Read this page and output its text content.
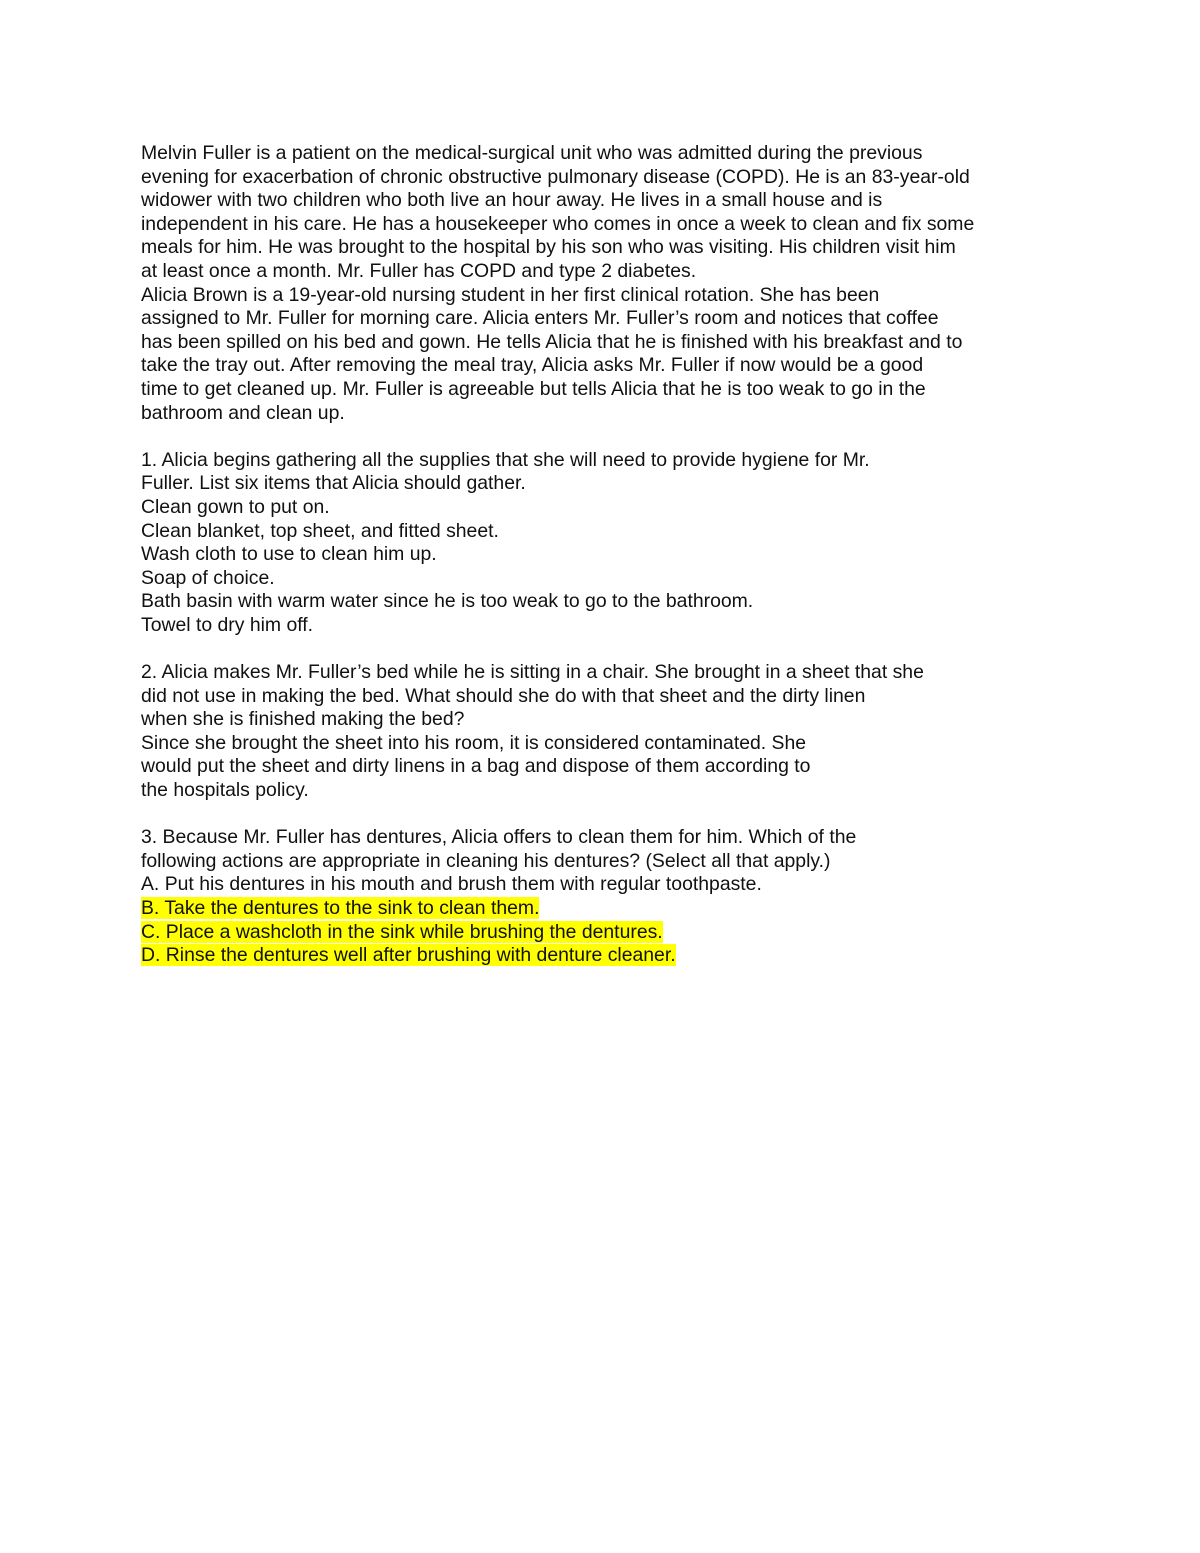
Melvin Fuller is a patient on the medical-surgical unit who was admitted during the previous
evening for exacerbation of chronic obstructive pulmonary disease (COPD). He is an 83-year-old
widower with two children who both live an hour away. He lives in a small house and is
independent in his care. He has a housekeeper who comes in once a week to clean and fix some
meals for him. He was brought to the hospital by his son who was visiting. His children visit him
at least once a month. Mr. Fuller has COPD and type 2 diabetes.
Alicia Brown is a 19-year-old nursing student in her first clinical rotation. She has been
assigned to Mr. Fuller for morning care. Alicia enters Mr. Fuller’s room and notices that coffee
has been spilled on his bed and gown. He tells Alicia that he is finished with his breakfast and to
take the tray out. After removing the meal tray, Alicia asks Mr. Fuller if now would be a good
time to get cleaned up. Mr. Fuller is agreeable but tells Alicia that he is too weak to go in the
bathroom and clean up.
1. Alicia begins gathering all the supplies that she will need to provide hygiene for Mr.
Fuller. List six items that Alicia should gather.
Clean gown to put on.
Clean blanket, top sheet, and fitted sheet.
Wash cloth to use to clean him up.
Soap of choice.
Bath basin with warm water since he is too weak to go to the bathroom.
Towel to dry him off.
2. Alicia makes Mr. Fuller’s bed while he is sitting in a chair. She brought in a sheet that she
did not use in making the bed. What should she do with that sheet and the dirty linen
when she is finished making the bed?
Since she brought the sheet into his room, it is considered contaminated. She
would put the sheet and dirty linens in a bag and dispose of them according to
the hospitals policy.
3. Because Mr. Fuller has dentures, Alicia offers to clean them for him. Which of the
following actions are appropriate in cleaning his dentures? (Select all that apply.)
A. Put his dentures in his mouth and brush them with regular toothpaste.
B. Take the dentures to the sink to clean them.
C. Place a washcloth in the sink while brushing the dentures.
D. Rinse the dentures well after brushing with denture cleaner.
